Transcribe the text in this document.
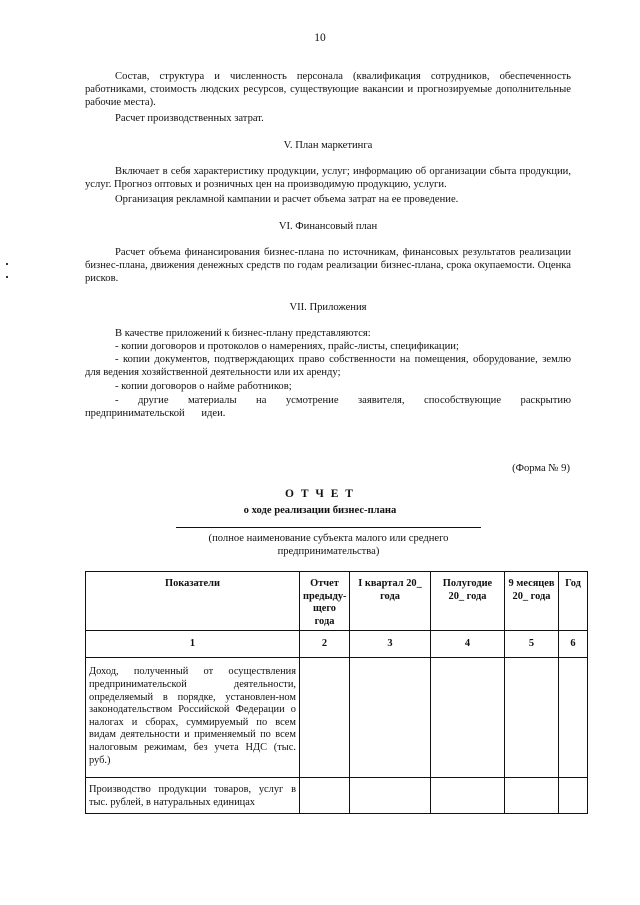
10

Состав, структура и численность персонала (квалификация сотрудников, обеспеченность работниками, стоимость людских ресурсов, существующие вакансии и прогнозируемые дополнительные рабочие места).

Расчет производственных затрат.

V. План маркетинга

Включает в себя характеристику продукции, услуг; информацию об организации сбыта продукции, услуг. Прогноз оптовых и розничных цен на производимую продукцию, услуги.

Организация рекламной кампании и расчет объема затрат на ее проведение.

VI. Финансовый план

Расчет объема финансирования бизнес-плана по источникам, финансовых результатов реализации бизнес-плана, движения денежных средств по годам реализации бизнес-плана, срока окупаемости. Оценка рисков.

VII. Приложения

В качестве приложений к бизнес-плану представляются:

- копии договоров и протоколов о намерениях, прайс-листы, спецификации;

- копии документов, подтверждающих право собственности на помещения, оборудование, землю для ведения хозяйственной деятельности или их аренду;

- копии договоров о найме работников;

- другие материалы на усмотрение заявителя, способствующие раскрытию предпринимательской идеи.

(Форма № 9)
О Т Ч Е Т
о ходе реализации бизнес-плана
(полное наименование субъекта малого или среднего предпринимательства)
Показатели	Отчет предыду-щего года	I квартал 20_ года	Полугодие 20_ года	9 месяцев 20_ года	Год
1	2	3	4	5	6
Доход, полученный от осуществления предпринимательской деятельности, определяемый в порядке, установлен-ном законодательством Российской Федерации о налогах и сборах, суммируемый по всем видам деятельности и применяемый по всем налоговым режимам, без учета НДС (тыс. руб.)					
Производство продукции товаров, услуг в тыс. рублей, в натуральных единицах					
